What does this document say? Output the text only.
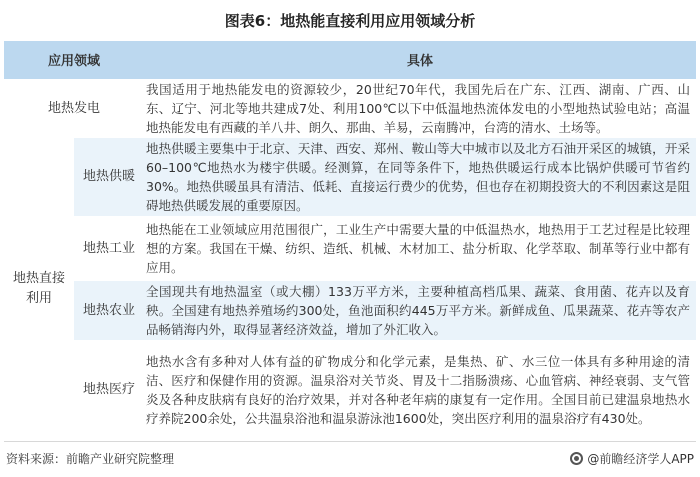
图表6：地热能直接利用应用领域分析
应用领域		具体
地热发电		我国适用于地热能发电的资源较少，20世纪70年代，我国先后在广东、江西、湖南、广西、山东、辽宁、河北等地共建成7处、利用100℃以下中低温地热流体发电的小型地热试验电站；高温地热能发电有西藏的羊八井、朗久、那曲、羊易，云南腾冲，台湾的清水、土场等。
地热直接利用	地热供暖	地热供暖主要集中于北京、天津、西安、郑州、鞍山等大中城市以及北方石油开采区的城镇，开采60–100℃地热水为楼宇供暖。经测算，在同等条件下，地热供暖运行成本比锅炉供暖可节省约30%。地热供暖虽具有清洁、低耗、直接运行费少的优势，但也存在初期投资大的不利因素这是阻碍地热供暖发展的重要原因。
	地热工业	地热能在工业领域应用范围很广，工业生产中需要大量的中低温热水，地热用于工艺过程是比较理想的方案。我国在干燥、纺织、造纸、机械、木材加工、盐分析取、化学萃取、制革等行业中都有应用。
	地热农业	全国现共有地热温室（或大棚）133万平方米，主要种植高档瓜果、蔬菜、食用菌、花卉以及育秧。全国建有地热养殖场约300处，鱼池面积约445万平方米。新鲜成鱼、瓜果蔬菜、花卉等农产品畅销海内外，取得显著经济效益，增加了外汇收入。
	地热医疗	地热水含有多种对人体有益的矿物成分和化学元素，是集热、矿、水三位一体具有多种用途的清洁、医疗和保健作用的资源。温泉浴对关节炎、胃及十二指肠溃疡、心血管病、神经衰弱、支气管炎及各种皮肤病有良好的治疗效果，并对各种老年病的康复有一定作用。全国目前已建温泉地热水疗养院200余处，公共温泉浴池和温泉游泳池1600处，突出医疗利用的温泉浴疗有430处。
资料来源：前瞻产业研究院整理	@前瞻经济学人APP
